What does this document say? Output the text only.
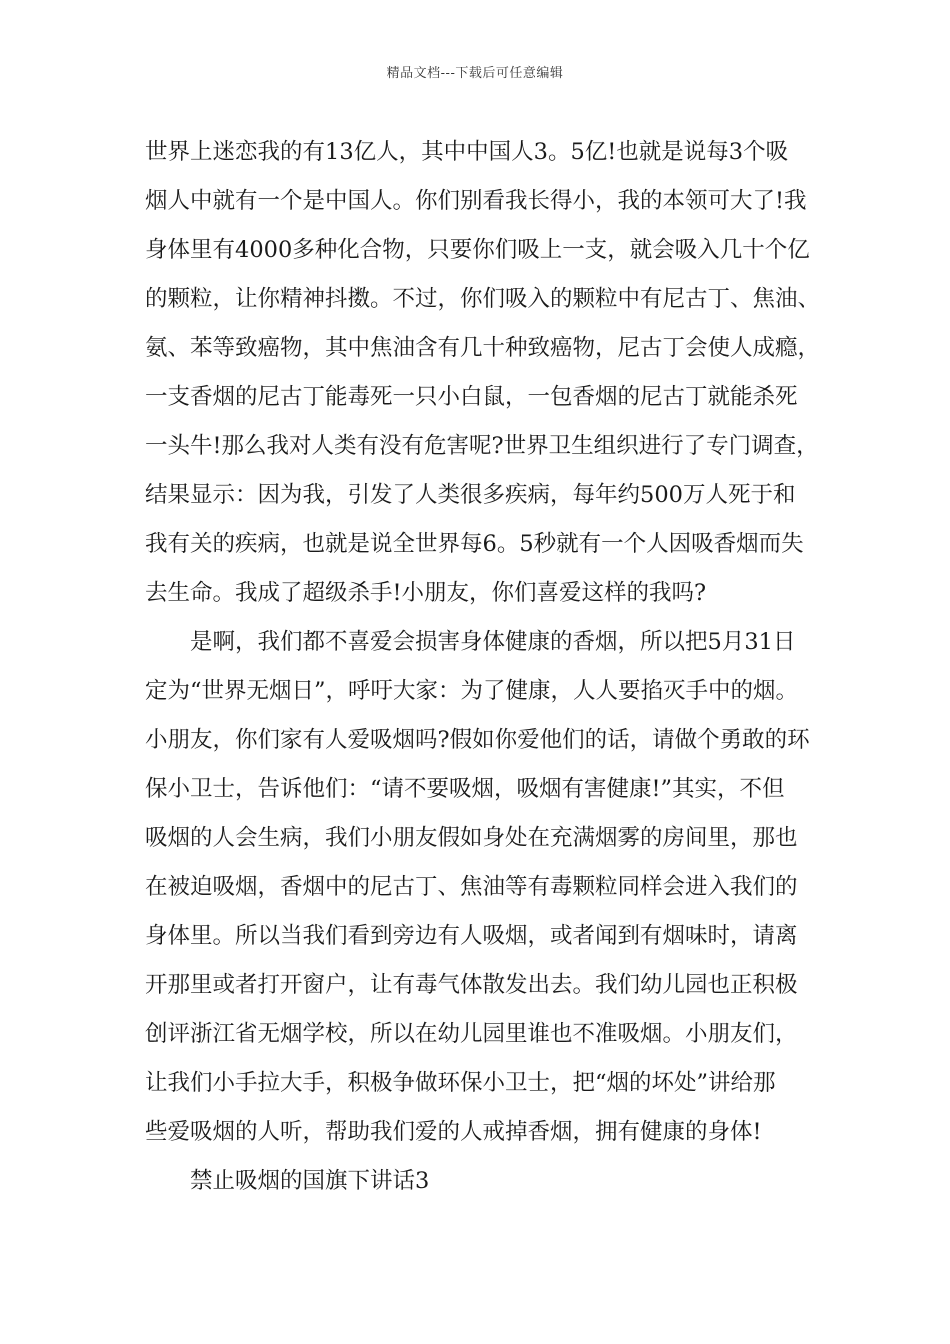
精品文档---下载后可任意编辑
世界上迷恋我的有13亿人，其中中国人3。5亿!也就是说每3个吸
烟人中就有一个是中国人。你们别看我长得小，我的本领可大了!我
身体里有4000多种化合物，只要你们吸上一支，就会吸入几十个亿
的颗粒，让你精神抖擞。不过，你们吸入的颗粒中有尼古丁、焦油、
氨、苯等致癌物，其中焦油含有几十种致癌物，尼古丁会使人成瘾，
一支香烟的尼古丁能毒死一只小白鼠，一包香烟的尼古丁就能杀死
一头牛!那么我对人类有没有危害呢?世界卫生组织进行了专门调查，
结果显示：因为我，引发了人类很多疾病，每年约500万人死于和
我有关的疾病，也就是说全世界每6。5秒就有一个人因吸香烟而失
去生命。我成了超级杀手!小朋友，你们喜爱这样的我吗?
是啊，我们都不喜爱会损害身体健康的香烟，所以把5月31日
定为“世界无烟日”，呼吁大家：为了健康，人人要掐灭手中的烟。
小朋友，你们家有人爱吸烟吗?假如你爱他们的话，请做个勇敢的环
保小卫士，告诉他们：“请不要吸烟，吸烟有害健康!”其实，不但
吸烟的人会生病，我们小朋友假如身处在充满烟雾的房间里，那也
在被迫吸烟，香烟中的尼古丁、焦油等有毒颗粒同样会进入我们的
身体里。所以当我们看到旁边有人吸烟，或者闻到有烟味时，请离
开那里或者打开窗户，让有毒气体散发出去。我们幼儿园也正积极
创评浙江省无烟学校，所以在幼儿园里谁也不准吸烟。小朋友们，
让我们小手拉大手，积极争做环保小卫士，把“烟的坏处”讲给那
些爱吸烟的人听，帮助我们爱的人戒掉香烟，拥有健康的身体!
禁止吸烟的国旗下讲话3
